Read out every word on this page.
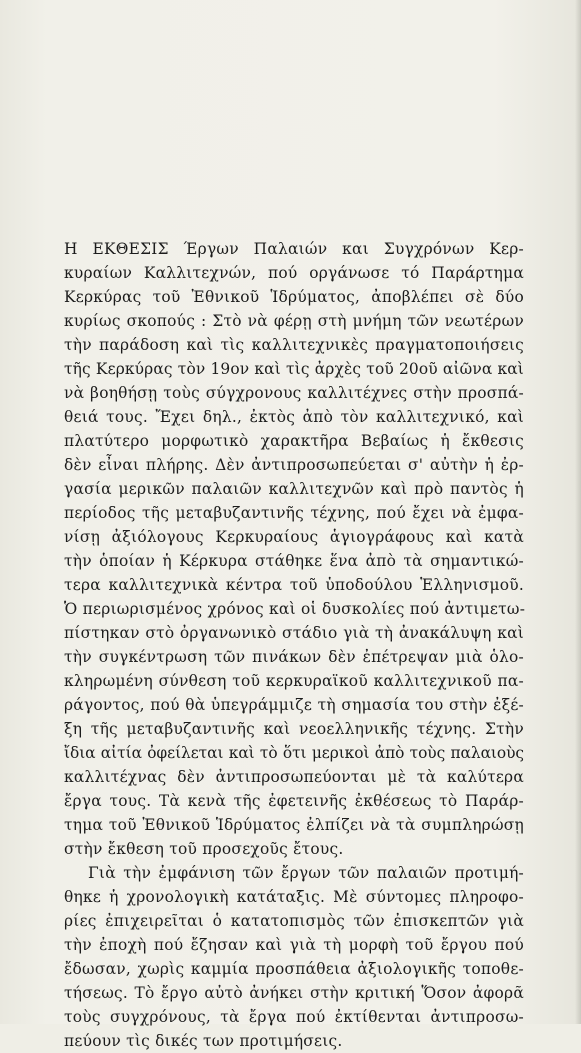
Η ΕΚΘΕΣΙΣ Έργων Παλαιών και Συγχρόνων Κερ-
κυραίων Καλλιτεχνών, πού οργάνωσε τό Παράρτημα
Κερκύρας τοῦ Ἐθνικοῦ Ἱδρύματος, ἀποβλέπει σὲ δύο
κυρίως σκοπούς : Στὸ νὰ φέρῃ στὴ μνήμη τῶν νεωτέρων
τὴν παράδοση καὶ τὶς καλλιτεχνικὲς πραγματοποιήσεις
τῆς Κερκύρας τὸν 19ον καὶ τὶς ἀρχὲς τοῦ 20οῦ αἰῶνα καὶ
νὰ βοηθήσῃ τοὺς σύγχρονους καλλιτέχνες στὴν προσπά-
θειά τους. Ἔχει δηλ., ἐκτὸς ἀπὸ τὸν καλλιτεχνικό, καὶ
πλατύτερο μορφωτικὸ χαρακτῆρα Βεβαίως ἡ ἔκθεσις
δὲν εἶναι πλήρης. Δὲν ἀντιπροσωπεύεται σ' αὐτὴν ἡ ἐρ-
γασία μερικῶν παλαιῶν καλλιτεχνῶν καὶ πρὸ παντὸς ἡ
περίοδος τῆς μεταβυζαντινῆς τέχνης, πού ἔχει νὰ ἐμφα-
νίσῃ ἀξιόλογους Κερκυραίους ἁγιογράφους καὶ κατὰ
τὴν ὁποίαν ἡ Κέρκυρα στάθηκε ἕνα ἀπὸ τὰ σημαντικώ-
τερα καλλιτεχνικὰ κέντρα τοῦ ὑποδούλου Ἑλληνισμοῦ.
Ὁ περιωρισμένος χρόνος καὶ οἱ δυσκολίες πού ἀντιμετω-
πίστηκαν στὸ ὀργανωνικὸ στάδιο γιὰ τὴ ἀνακάλυψη καὶ
τὴν συγκέντρωση τῶν πινάκων δὲν ἐπέτρεψαν μιὰ ὁλο-
κληρωμένη σύνθεση τοῦ κερκυραϊκοῦ καλλιτεχνικοῦ πα-
ράγοντος, πού θὰ ὑπεγράμμιζε τὴ σημασία του στὴν ἐξέ-
ξη τῆς μεταβυζαντινῆς καὶ νεοελληνικῆς τέχνης. Στὴν
ἴδια αἰτία ὀφείλεται καὶ τὸ ὅτι μερικοὶ ἀπὸ τοὺς παλαιοὺς
καλλιτέχνας δὲν ἀντιπροσωπεύονται μὲ τὰ καλύτερα
ἔργα τους. Τὰ κενὰ τῆς ἐφετεινῆς ἐκθέσεως τὸ Παράρ-
τημα τοῦ Ἐθνικοῦ Ἱδρύματος ἐλπίζει νὰ τὰ συμπληρώσῃ
στὴν ἔκθεση τοῦ προσεχοῦς ἔτους.
Γιὰ τὴν ἐμφάνιση τῶν ἔργων τῶν παλαιῶν προτιμή-
θηκε ἡ χρονολογικὴ κατάταξις. Μὲ σύντομες πληροφο-
ρίες ἐπιχειρεῖται ὁ κατατοπισμὸς τῶν ἐπισκεπτῶν γιὰ
τὴν ἐποχὴ πού ἔζησαν καὶ γιὰ τὴ μορφὴ τοῦ ἔργου πού
ἔδωσαν, χωρὶς καμμία προσπάθεια ἀξιολογικῆς τοποθε-
τήσεως. Τὸ ἔργο αὐτὸ ἀνήκει στὴν κριτική Ὅσον ἀφορᾶ
τοὺς συγχρόνους, τὰ ἔργα πού ἐκτίθενται ἀντιπροσω-
πεύουν τὶς δικές των προτιμήσεις.
